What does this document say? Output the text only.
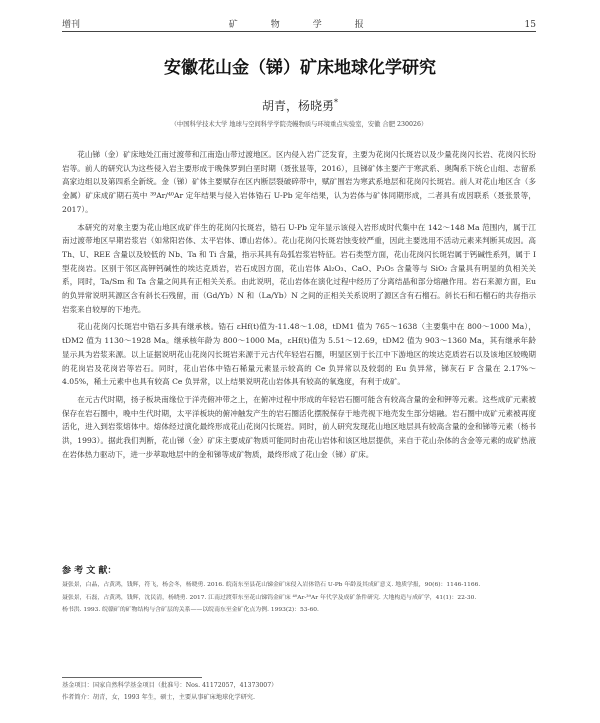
增刊	矿　物　学　报	15
安徽花山金（锑）矿床地球化学研究
胡青，杨晓勇*
（中国科学技术大学 地球与空间科学学院壳幔物质与环境重点实验室，安徽 合肥 230026）

花山锑（金）矿床地处江南过渡带和江南造山带过渡地区。区内侵入岩广泛发育，主要为花岗闪长斑岩以及少量花岗闪长岩、花岗闪长玢岩等。前人的研究认为这些侵入岩主要形成于晚侏罗到白垩时期（聂张显等，2016），且锑矿体主要产于寒武系、奥陶系下统仑山组、志留系高家边组以及第四系全新统。金（锑）矿体主要赋存在区内断层裂破碎带中，赋矿围岩为寒武系地层和花岗闪长斑岩。前人对花山地区含（多金属）矿床成矿期石英中 ³⁹Ar/⁴⁰Ar 定年结果与侵入岩体锆石 U-Pb 定年结果，认为岩体与矿体同期形成，二者具有成因联系（聂张景等，2017）。

本研究的对象主要为花山地区成矿伴生的花岗闪长斑岩，锆石 U-Pb 定年显示该侵入岩形成时代集中在 142～148 Ma 范围内，属于江南过渡带地区早期岩浆岩（如常阳岩体、太平岩体、谭山岩体）。花山花岗闪长斑岩蚀变较严重，因此主要选用不活动元素来判断其成因。高 Th、U、REE 含量以及较低的 Nb、Ta 和 Ti 含量，指示其具有岛弧岩浆岩特征。岩石类型方面，花山花岗闪长斑岩属于钙碱性系列，属于 I 型花岗岩。区别于邻区高钾钙碱性的埃达克质岩，岩石成因方面，花山岩体 Al₂O₃、CaO、P₂O₅ 含量等与 SiO₂ 含量具有明显的负相关关系，同时，Ta/Sm 和 Ta 含量之间具有正相关关系。由此说明，花山岩体在演化过程中经历了分离结晶和部分熔融作用。岩石来源方面，Eu 的负异常说明其源区含有斜长石残留，而（Gd/Yb）N 和（La/Yb）N 之间的正相关关系说明了源区含有石榴石。斜长石和石榴石的共存指示岩浆来自较厚的下地壳。

花山花岗闪长斑岩中锆石多具有继承核。锆石 εHf(t)值为-11.48～1.08，tDM1 值为 765～1638（主要集中在 800～1000 Ma），tDM2 值为 1130～1928 Ma。继承核年龄为 800～1000 Ma，εHf(t)值为 5.51～12.69，tDM2 值为 903～1360 Ma，其有继承年龄显示具为岩浆来源。以上证据说明花山花岗闪长斑岩来源于元古代年轻岩石圈，明显区别于长江中下游地区的埃达克质岩石以及该地区较晚期的花岗岩及花岗岩等岩石。同时，花山岩体中锆石稀量元素显示较高的 Ce 负异常以及较弱的 Eu 负异常，锑灰石 F 含量在 2.17%～4.05%，稀土元素中也具有较高 Ce 负异常，以上结果说明花山岩体具有较高的氧逸度，有利于成矿。

在元古代时期，扬子板块南缘位于洋壳俯冲带之上，在俯冲过程中形成的年轻岩石圈可能含有较高含量的金和钾等元素。这些成矿元素被保存在岩石圈中，晚中生代时期，太平洋板块的俯冲触发产生的岩石圈活化摆脱保存于地壳视下地壳发生部分熔融。岩石圈中成矿元素被再度活化，进入到岩浆熔体中。熔体经过演化最终形成花山花岗闪长斑岩。同时，前人研究发现花山地区地层具有较高含量的金和锑等元素（杨书洪，1993）。据此我们判断，花山锑（金）矿床主要成矿物质可能同时由花山岩体和该区地层提供，来自于花山杂体的含金等元素的成矿热液在岩体热力驱动下，进一步萃取地层中的金和锑等成矿物质，最终形成了花山金（锑）矿床。

参 考 文 献：
聂张景，白晶，占黄鸿，钱辉，符飞，杨会冬，杨晓勇. 2016. 皖南东至县花山锑金矿床侵入岩体锆石 U-Pb 年龄及其成矿意义. 地质学报，90(6)：1146-1166.
聂张景，石磊，占黄鸿，钱辉，沈民清，杨晓勇. 2017. 江南过渡带东至花山锑钨金矿床 ⁴⁰Ar-³⁹Ar 年代学及成矿条件研究. 大地构造与成矿学，41(1)：22-30.
杨书洪. 1993. 皖赣矿的矿物结构与含矿层的关系——以皖南东至金矿化点为例. 1993(2)：53-60.
基金项目：国家自然科学基金项目（批准号：Nos. 41172057，41373007）
作者简介：胡青，女，1993 年生，硕士，主要从事矿床地球化学研究.
